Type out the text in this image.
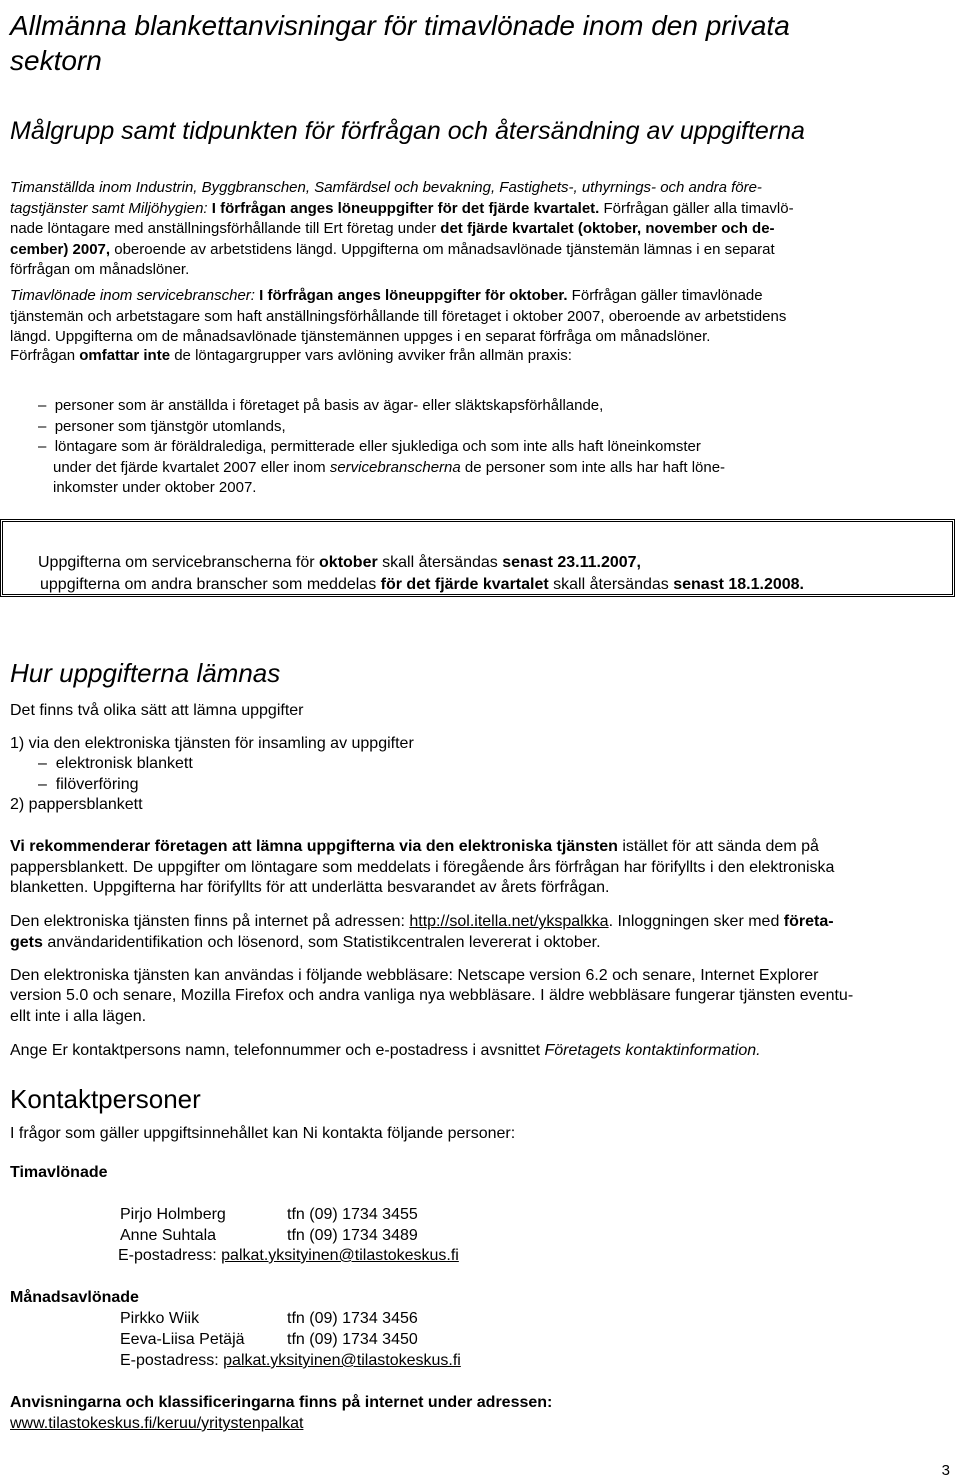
Allmänna blankettanvisningar för timavlönade inom den privata
sektorn
Målgrupp samt tidpunkten för förfrågan och återsändning av uppgifterna
Timanställda inom Industrin, Byggbranschen, Samfärdsel och bevakning, Fastighets-, uthyrnings- och andra före-
tagstjänster samt Miljöhygien: I förfrågan anges löneuppgifter för det fjärde kvartalet. Förfrågan gäller alla timavlö-
nade löntagare med anställningsförhållande till Ert företag under det fjärde kvartalet (oktober, november och de-
cember) 2007, oberoende av arbetstidens längd. Uppgifterna om månadsavlönade tjänstemän lämnas i en separat
förfrågan om månadslöner.
Timavlönade inom servicebranscher: I förfrågan anges löneuppgifter för oktober. Förfrågan gäller timavlönade
tjänstemän och arbetstagare som haft anställningsförhållande till företaget i oktober 2007, oberoende av arbetstidens
längd. Uppgifterna om de månadsavlönade tjänstemännen uppges i en separat förfråga om månadslöner.
Förfrågan omfattar inte de löntagargrupper vars avlöning avviker från allmän praxis:
– personer som är anställda i företaget på basis av ägar- eller släktskapsförhållande,
– personer som tjänstgör utomlands,
– löntagare som är föräldralediga, permitterade eller sjuklediga och som inte alls haft löneinkomster
under det fjärde kvartalet 2007 eller inom servicebranscherna de personer som inte alls har haft löne-
inkomster under oktober 2007.
Uppgifterna om servicebranscherna för oktober skall återsändas senast 23.11.2007,
uppgifterna om andra branscher som meddelas för det fjärde kvartalet skall återsändas senast 18.1.2008.
Hur uppgifterna lämnas
Det finns två olika sätt att lämna uppgifter
1) via den elektroniska tjänsten för insamling av uppgifter
– elektronisk blankett
– filöverföring
2) pappersblankett
Vi rekommenderar företagen att lämna uppgifterna via den elektroniska tjänsten istället för att sända dem på
pappersblankett. De uppgifter om löntagare som meddelats i föregående års förfrågan har förifyllts i den elektroniska
blanketten. Uppgifterna har förifyllts för att underlätta besvarandet av årets förfrågan.
Den elektroniska tjänsten finns på internet på adressen: http://sol.itella.net/ykspalkka. Inloggningen sker med företa-
gets användaridentifikation och lösenord, som Statistikcentralen levererat i oktober.
Den elektroniska tjänsten kan användas i följande webbläsare: Netscape version 6.2 och senare, Internet Explorer
version 5.0 och senare, Mozilla Firefox och andra vanliga nya webbläsare. I äldre webbläsare fungerar tjänsten eventu-
ellt inte i alla lägen.
Ange Er kontaktpersons namn, telefonnummer och e-postadress i avsnittet Företagets kontaktinformation.
Kontaktpersoner
I frågor som gäller uppgiftsinnehållet kan Ni kontakta följande personer:
Timavlönade
Pirjo Holmberg	tfn (09) 1734 3455
Anne Suhtala	tfn (09) 1734 3489
E-postadress: palkat.yksityinen@tilastokeskus.fi
Månadsavlönade
Pirkko Wiik	tfn (09) 1734 3456
Eeva-Liisa Petäjä	tfn (09) 1734 3450
E-postadress: palkat.yksityinen@tilastokeskus.fi
Anvisningarna och klassificeringarna finns på internet under adressen:
www.tilastokeskus.fi/keruu/yritystenpalkat
3
